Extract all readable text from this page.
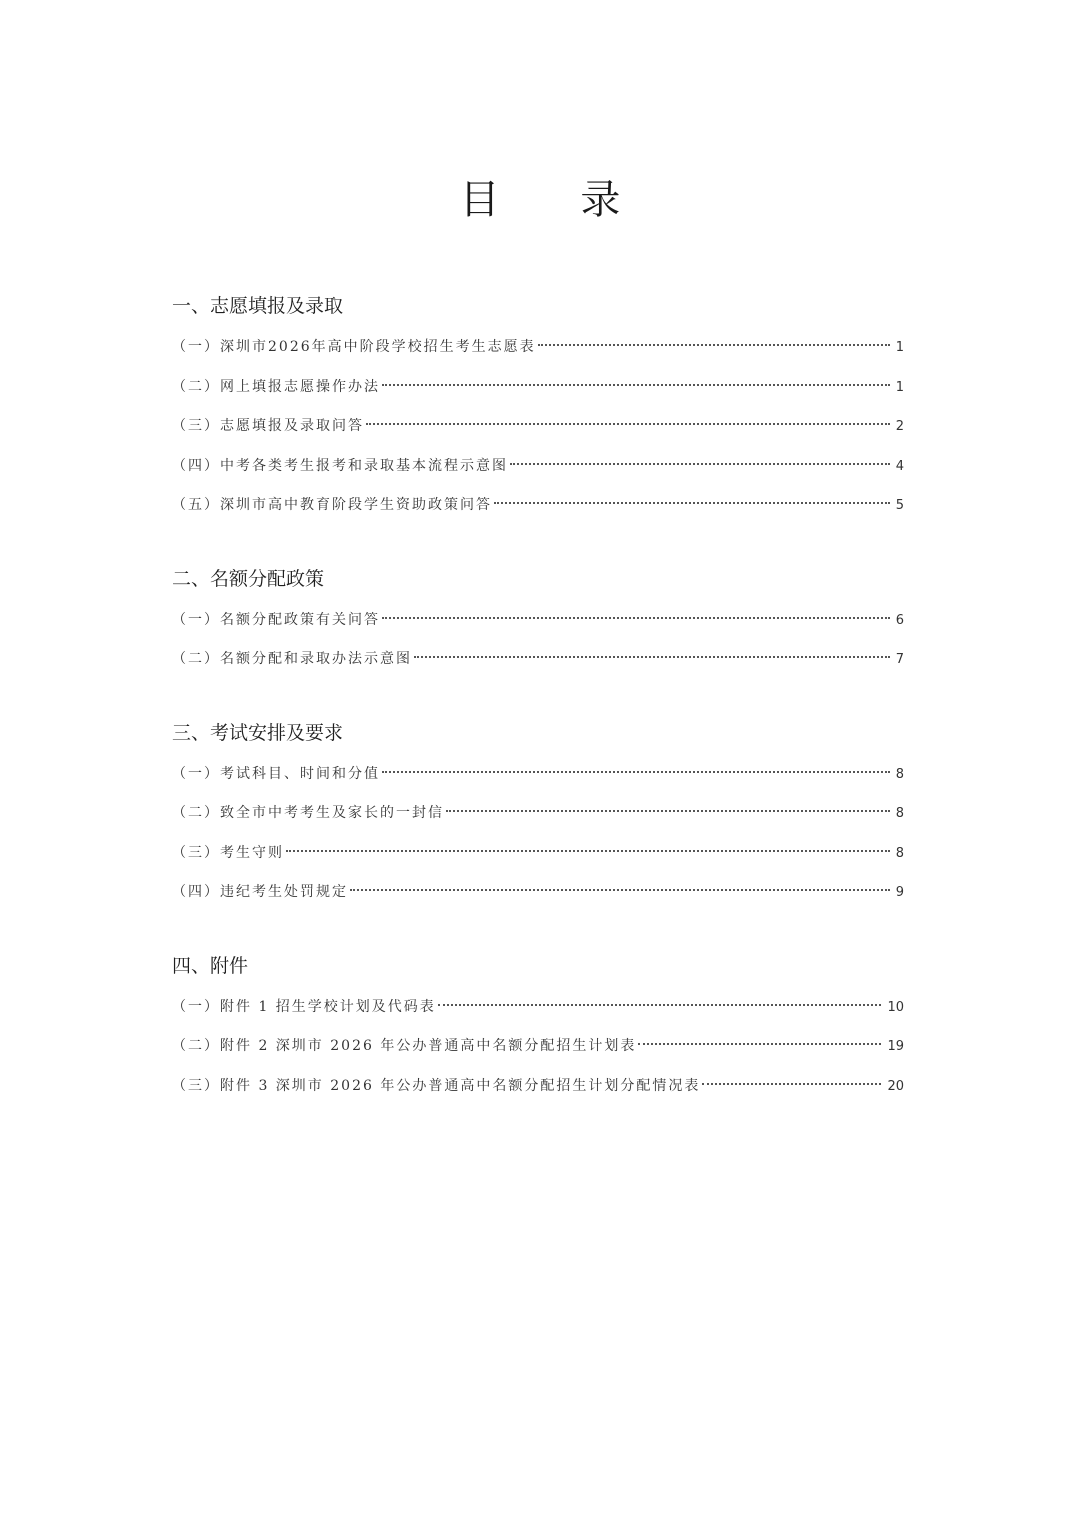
目 录
一、志愿填报及录取
（一）深圳市2026年高中阶段学校招生考生志愿表	1
（二）网上填报志愿操作办法	1
（三）志愿填报及录取问答	2
（四）中考各类考生报考和录取基本流程示意图	4
（五）深圳市高中教育阶段学生资助政策问答	5
二、名额分配政策
（一）名额分配政策有关问答	6
（二）名额分配和录取办法示意图	7
三、考试安排及要求
（一）考试科目、时间和分值	8
（二）致全市中考考生及家长的一封信	8
（三）考生守则	8
（四）违纪考生处罚规定	9
四、附件
（一）附件 1 招生学校计划及代码表	10
（二）附件 2 深圳市 2026 年公办普通高中名额分配招生计划表	19
（三）附件 3 深圳市 2026 年公办普通高中名额分配招生计划分配情况表	20
